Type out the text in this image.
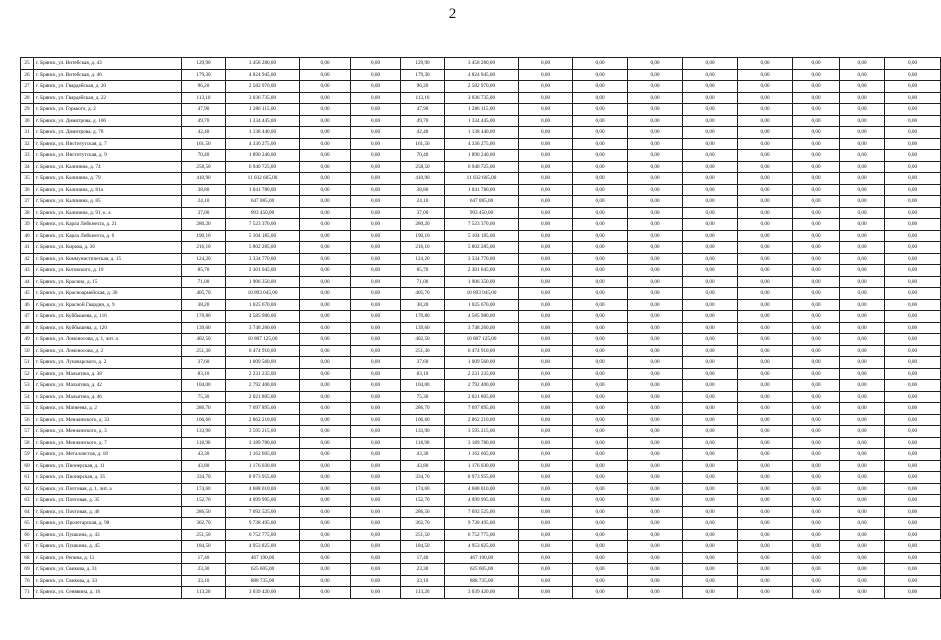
2
25	г. Брянск, ул. Витебская, д. 43	129,90	3 458 280,00	0,00	0,00	129,90	3 458 280,00	0,00	0,00	0,00	0,00	0,00	0,00	0,00	0,00
26	г. Брянск, ул. Витебская, д. 46	179,30	4 824 945,00	0,00	0,00	179,30	4 824 945,00	0,00	0,00	0,00	0,00	0,00	0,00	0,00	0,00
27	г. Брянск, ул. Гвардейская, д. 20	96,20	2 582 970,00	0,00	0,00	96,20	2 582 970,00	0,00	0,00	0,00	0,00	0,00	0,00	0,00	0,00
28	г. Брянск, ул. Гвардейская, д. 22	113,10	3 036 735,00	0,00	0,00	113,10	3 036 735,00	0,00	0,00	0,00	0,00	0,00	0,00	0,00	0,00
29	г. Брянск, ул. Горького, д. 2	47,90	1 286 115,00	0,00	0,00	47,90	1 286 115,00	0,00	0,00	0,00	0,00	0,00	0,00	0,00	0,00
30	г. Брянск, ул. Димитрова, д. 106	49,70	1 334 445,00	0,00	0,00	49,70	1 334 445,00	0,00	0,00	0,00	0,00	0,00	0,00	0,00	0,00
31	г. Брянск, ул. Димитрова, д. 78	42,40	1 138 440,00	0,00	0,00	42,40	1 138 440,00	0,00	0,00	0,00	0,00	0,00	0,00	0,00	0,00
32	г. Брянск, ул. Институтская, д. 7	161,50	4 336 275,00	0,00	0,00	161,50	4 336 275,00	0,00	0,00	0,00	0,00	0,00	0,00	0,00	0,00
33	г. Брянск, ул. Институтская, д. 9	70,40	1 890 240,00	0,00	0,00	70,40	1 890 240,00	0,00	0,00	0,00	0,00	0,00	0,00	0,00	0,00
34	г. Брянск, ул. Калинина, д. 74	258,50	6 940 725,00	0,00	0,00	258,50	6 940 725,00	0,00	0,00	0,00	0,00	0,00	0,00	0,00	0,00
35	г. Брянск, ул. Калинина, д. 79	410,90	11 032 665,00	0,00	0,00	410,90	11 032 665,00	0,00	0,00	0,00	0,00	0,00	0,00	0,00	0,00
36	г. Брянск, ул. Калинина, д. 81а	38,80	1 041 780,00	0,00	0,00	38,80	1 041 780,00	0,00	0,00	0,00	0,00	0,00	0,00	0,00	0,00
37	г. Брянск, ул. Калинина, д. 85	24,10	647 085,00	0,00	0,00	24,10	647 085,00	0,00	0,00	0,00	0,00	0,00	0,00	0,00	0,00
38	г. Брянск, ул. Калинина, д. 91, к. а	37,00	993 450,00	0,00	0,00	37,00	993 450,00	0,00	0,00	0,00	0,00	0,00	0,00	0,00	0,00
39	г. Брянск, ул. Карла Либкнехта, д. 21	280,20	7 523 370,00	0,00	0,00	280,20	7 523 370,00	0,00	0,00	0,00	0,00	0,00	0,00	0,00	0,00
40	г. Брянск, ул. Карла Либкнехта, д. 6	190,10	5 104 185,00	0,00	0,00	190,10	5 104 185,00	0,00	0,00	0,00	0,00	0,00	0,00	0,00	0,00
41	г. Брянск, ул. Кирова, д. 36	216,10	5 802 285,00	0,00	0,00	216,10	5 802 285,00	0,00	0,00	0,00	0,00	0,00	0,00	0,00	0,00
42	г. Брянск, ул. Коммунистическая, д. 15	124,20	3 334 770,00	0,00	0,00	124,20	3 334 770,00	0,00	0,00	0,00	0,00	0,00	0,00	0,00	0,00
43	г. Брянск, ул. Котовского, д. 19	85,70	2 301 045,00	0,00	0,00	85,70	2 301 045,00	0,00	0,00	0,00	0,00	0,00	0,00	0,00	0,00
44	г. Брянск, ул. Красина, д. 15	71,00	1 906 350,00	0,00	0,00	71,00	1 906 350,00	0,00	0,00	0,00	0,00	0,00	0,00	0,00	0,00
45	г. Брянск, ул. Красноармейская, д. 30	405,70	10 893 045,00	0,00	0,00	405,70	10 893 045,00	0,00	0,00	0,00	0,00	0,00	0,00	0,00	0,00
46	г. Брянск, ул. Красной Гвардии, д. 9	38,20	1 025 670,00	0,00	0,00	38,20	1 025 670,00	0,00	0,00	0,00	0,00	0,00	0,00	0,00	0,00
47	г. Брянск, ул. Куйбышева, д. 116	170,80	4 585 980,00	0,00	0,00	170,80	4 585 980,00	0,00	0,00	0,00	0,00	0,00	0,00	0,00	0,00
48	г. Брянск, ул. Куйбышева, д. 120	139,60	3 748 260,00	0,00	0,00	139,60	3 748 260,00	0,00	0,00	0,00	0,00	0,00	0,00	0,00	0,00
49	г. Брянск, ул. Ломоносова, д. 1, лит. а	402,50	10 807 125,00	0,00	0,00	402,50	10 807 125,00	0,00	0,00	0,00	0,00	0,00	0,00	0,00	0,00
50	г. Брянск, ул. Ломоносова, д. 2	251,30	6 474 910,00	0,00	0,00	251,30	6 474 910,00	0,00	0,00	0,00	0,00	0,00	0,00	0,00	0,00
51	г. Брянск, ул. Луначарского, д. 2	37,60	1 009 560,00	0,00	0,00	37,60	1 009 560,00	0,00	0,00	0,00	0,00	0,00	0,00	0,00	0,00
52	г. Брянск, ул. Малыгина, д. 38	83,10	2 231 235,00	0,00	0,00	83,10	2 231 235,00	0,00	0,00	0,00	0,00	0,00	0,00	0,00	0,00
53	г. Брянск, ул. Малыгина, д. 42	104,00	2 792 400,00	0,00	0,00	104,00	2 792 400,00	0,00	0,00	0,00	0,00	0,00	0,00	0,00	0,00
54	г. Брянск, ул. Малыгина, д. 46	75,30	2 021 805,00	0,00	0,00	75,30	2 021 805,00	0,00	0,00	0,00	0,00	0,00	0,00	0,00	0,00
55	г. Брянск, ул. Матвеева, д. 2	286,70	7 697 895,00	0,00	0,00	286,70	7 697 895,00	0,00	0,00	0,00	0,00	0,00	0,00	0,00	0,00
56	г. Брянск, ул. Менжинского, д. 33	106,60	2 862 210,00	0,00	0,00	106,60	2 862 210,00	0,00	0,00	0,00	0,00	0,00	0,00	0,00	0,00
57	г. Брянск, ул. Менжинского, д. 3	133,90	3 595 215,00	0,00	0,00	133,90	3 595 215,00	0,00	0,00	0,00	0,00	0,00	0,00	0,00	0,00
58	г. Брянск, ул. Менжинского, д. 7	118,90	3 189 780,00	0,00	0,00	118,90	3 189 780,00	0,00	0,00	0,00	0,00	0,00	0,00	0,00	0,00
59	г. Брянск, ул. Металлистов, д. 18	43,30	1 162 605,00	0,00	0,00	43,30	1 162 605,00	0,00	0,00	0,00	0,00	0,00	0,00	0,00	0,00
60	г. Брянск, ул. Пионерская, д. 11	43,80	1 176 030,00	0,00	0,00	43,80	1 176 030,00	0,00	0,00	0,00	0,00	0,00	0,00	0,00	0,00
61	г. Брянск, ул. Пионерская, д. 35	334,70	8 973 955,00	0,00	0,00	334,70	8 973 955,00	0,00	0,00	0,00	0,00	0,00	0,00	0,00	0,00
62	г. Брянск, ул. Почтовая, д. 1, лит. а	174,60	4 688 010,00	0,00	0,00	174,60	4 688 010,00	0,00	0,00	0,00	0,00	0,00	0,00	0,00	0,00
63	г. Брянск, ул. Почтовая, д. 35	152,70	4 099 995,00	0,00	0,00	152,70	4 099 995,00	0,00	0,00	0,00	0,00	0,00	0,00	0,00	0,00
64	г. Брянск, ул. Почтовая, д. 46	286,50	7 692 525,00	0,00	0,00	286,50	7 692 525,00	0,00	0,00	0,00	0,00	0,00	0,00	0,00	0,00
65	г. Брянск, ул. Пролетарская, д. 98	362,70	9 738 495,00	0,00	0,00	362,70	9 738 495,00	0,00	0,00	0,00	0,00	0,00	0,00	0,00	0,00
66	г. Брянск, ул. Пушкина, д. 43	251,50	6 752 775,00	0,00	0,00	251,50	6 752 775,00	0,00	0,00	0,00	0,00	0,00	0,00	0,00	0,00
67	г. Брянск, ул. Пушкина, д. 45	184,50	4 953 825,00	0,00	0,00	184,50	4 953 825,00	0,00	0,00	0,00	0,00	0,00	0,00	0,00	0,00
68	г. Брянск, ул. Репина, д. 11	17,40	467 190,00	0,00	0,00	17,40	467 190,00	0,00	0,00	0,00	0,00	0,00	0,00	0,00	0,00
69	г. Брянск, ул. Свикова, д. 31	23,30	625 605,00	0,00	0,00	23,30	625 605,00	0,00	0,00	0,00	0,00	0,00	0,00	0,00	0,00
70	г. Брянск, ул. Свикова, д. 33	33,10	888 735,00	0,00	0,00	33,10	888 735,00	0,00	0,00	0,00	0,00	0,00	0,00	0,00	0,00
71	г. Брянск, ул. Сенявина, д. 16	113,20	3 039 420,00	0,00	0,00	113,20	3 039 420,00	0,00	0,00	0,00	0,00	0,00	0,00	0,00	0,00
